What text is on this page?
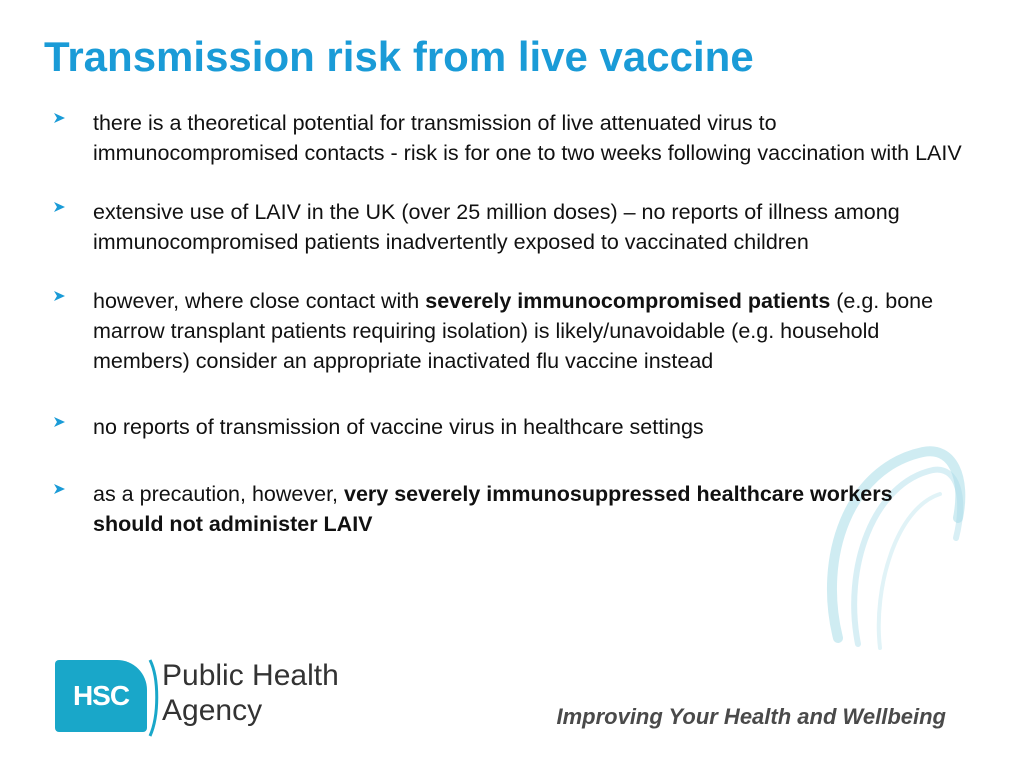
Transmission risk from live vaccine
there is a theoretical potential for transmission of live attenuated virus to immunocompromised contacts - risk is for one to two weeks following vaccination with LAIV
extensive use of LAIV in the UK (over 25 million doses) – no reports of illness among immunocompromised patients inadvertently exposed to vaccinated children
however, where close contact with severely immunocompromised patients (e.g. bone marrow transplant patients requiring isolation) is likely/unavoidable (e.g. household members) consider an appropriate inactivated flu vaccine instead
no reports of transmission of vaccine virus in healthcare settings
as a precaution, however, very severely immunosuppressed healthcare workers should not administer LAIV
HSC
Public Health
Agency	Improving Your Health and Wellbeing
